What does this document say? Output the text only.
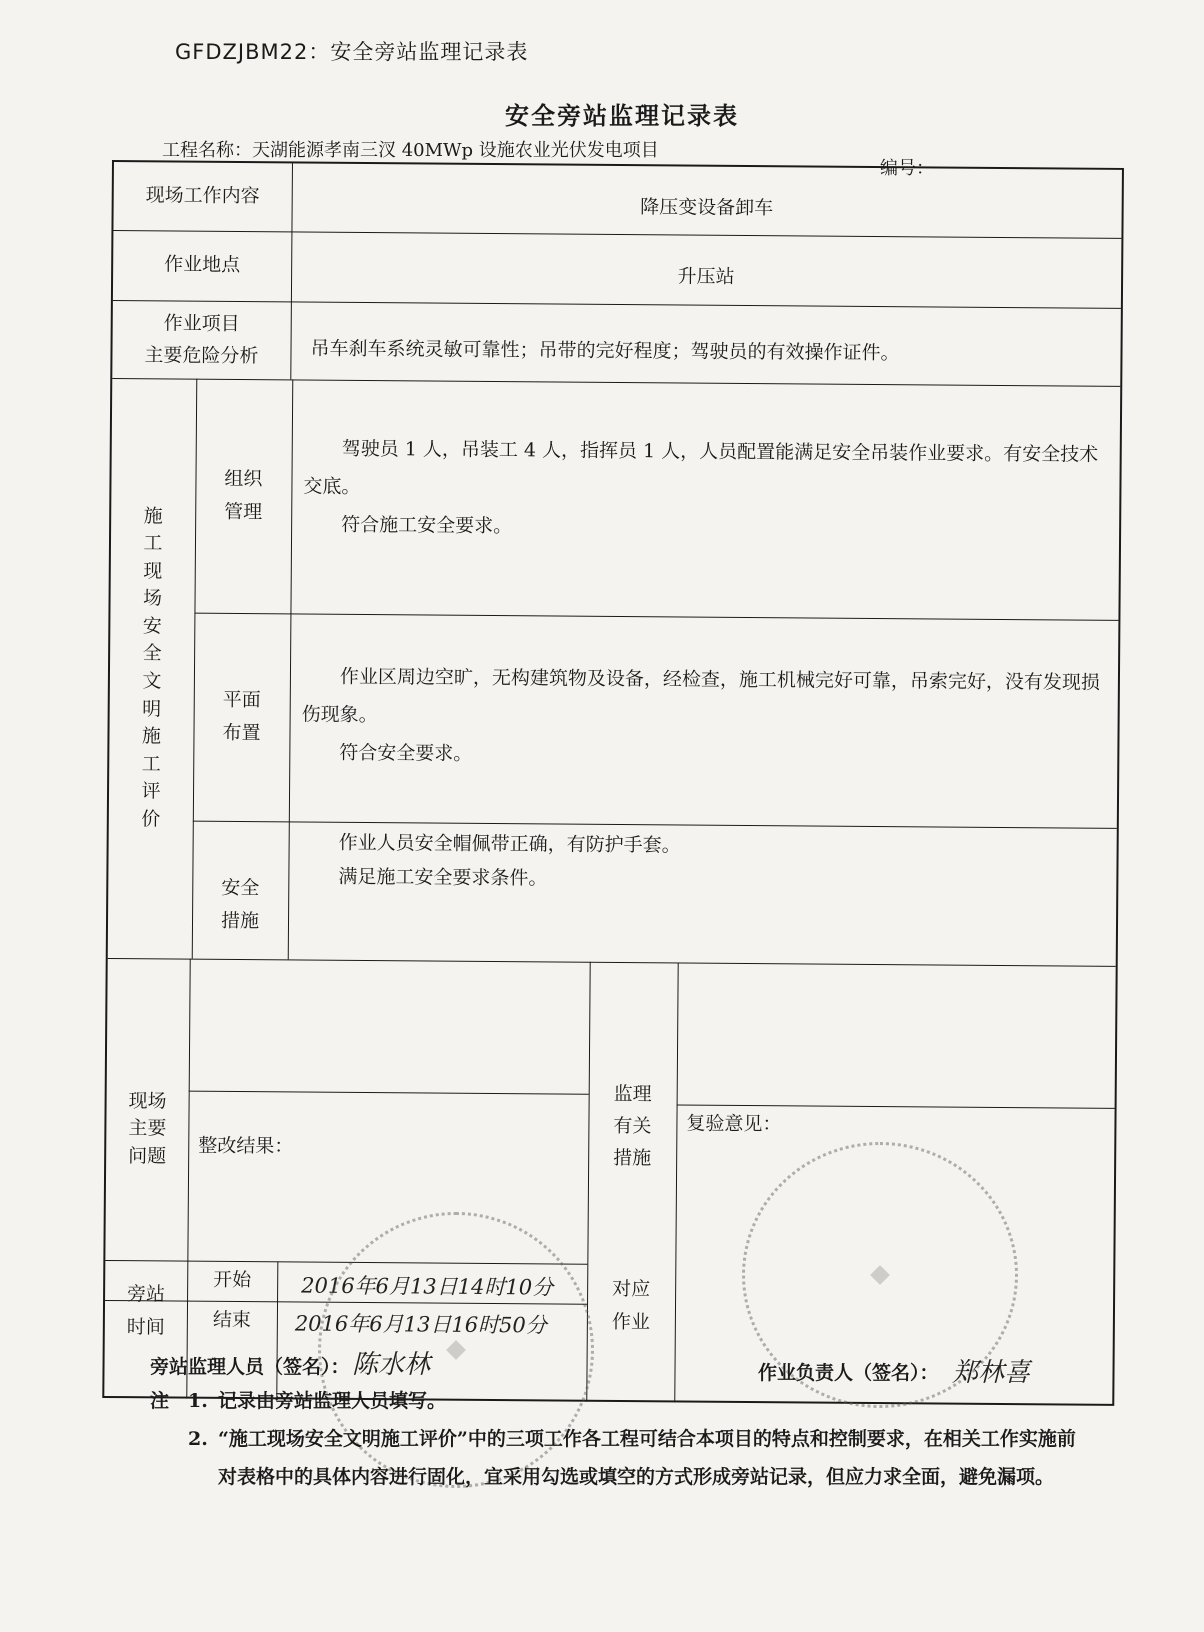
GFDZJBM22：安全旁站监理记录表
安全旁站监理记录表
工程名称：天湖能源孝南三汊 40MWp 设施农业光伏发电项目
编号：
现场工作内容
降压变设备卸车
作业地点
升压站
作业项目
主要危险分析	吊车刹车系统灵敏可靠性；吊带的完好程度；驾驶员的有效操作证件。
施
工
现
场
安
全
文
明
施
工
评
价
组织
管理

驾驶员 1 人，吊装工 4 人，指挥员 1 人，人员配置能满足安全吊装作业要求。有安全技术交底。

符合施工安全要求。

平面
布置

作业区周边空旷，无构建筑物及设备，经检查，施工机械完好可靠，吊索完好，没有发现损伤现象。

符合安全要求。

安全
措施

作业人员安全帽佩带正确，有防护手套。

满足施工安全要求条件。

现场
主要
问题 整改结果：
监理
有关
措施
复验意见：
旁站
时间
开始
结束
2016年6月13日14时10分
2016年6月13日16时50分
对应
作业
旁站监理人员（签名）： 陈水林	作业负责人（签名）： 郑林喜
注 1. 记录由旁站监理人员填写。
2. “施工现场安全文明施工评价”中的三项工作各工程可结合本项目的特点和控制要求，在相关工作实施前对表格中的具体内容进行固化，宜采用勾选或填空的方式形成旁站记录，但应力求全面，避免漏项。
